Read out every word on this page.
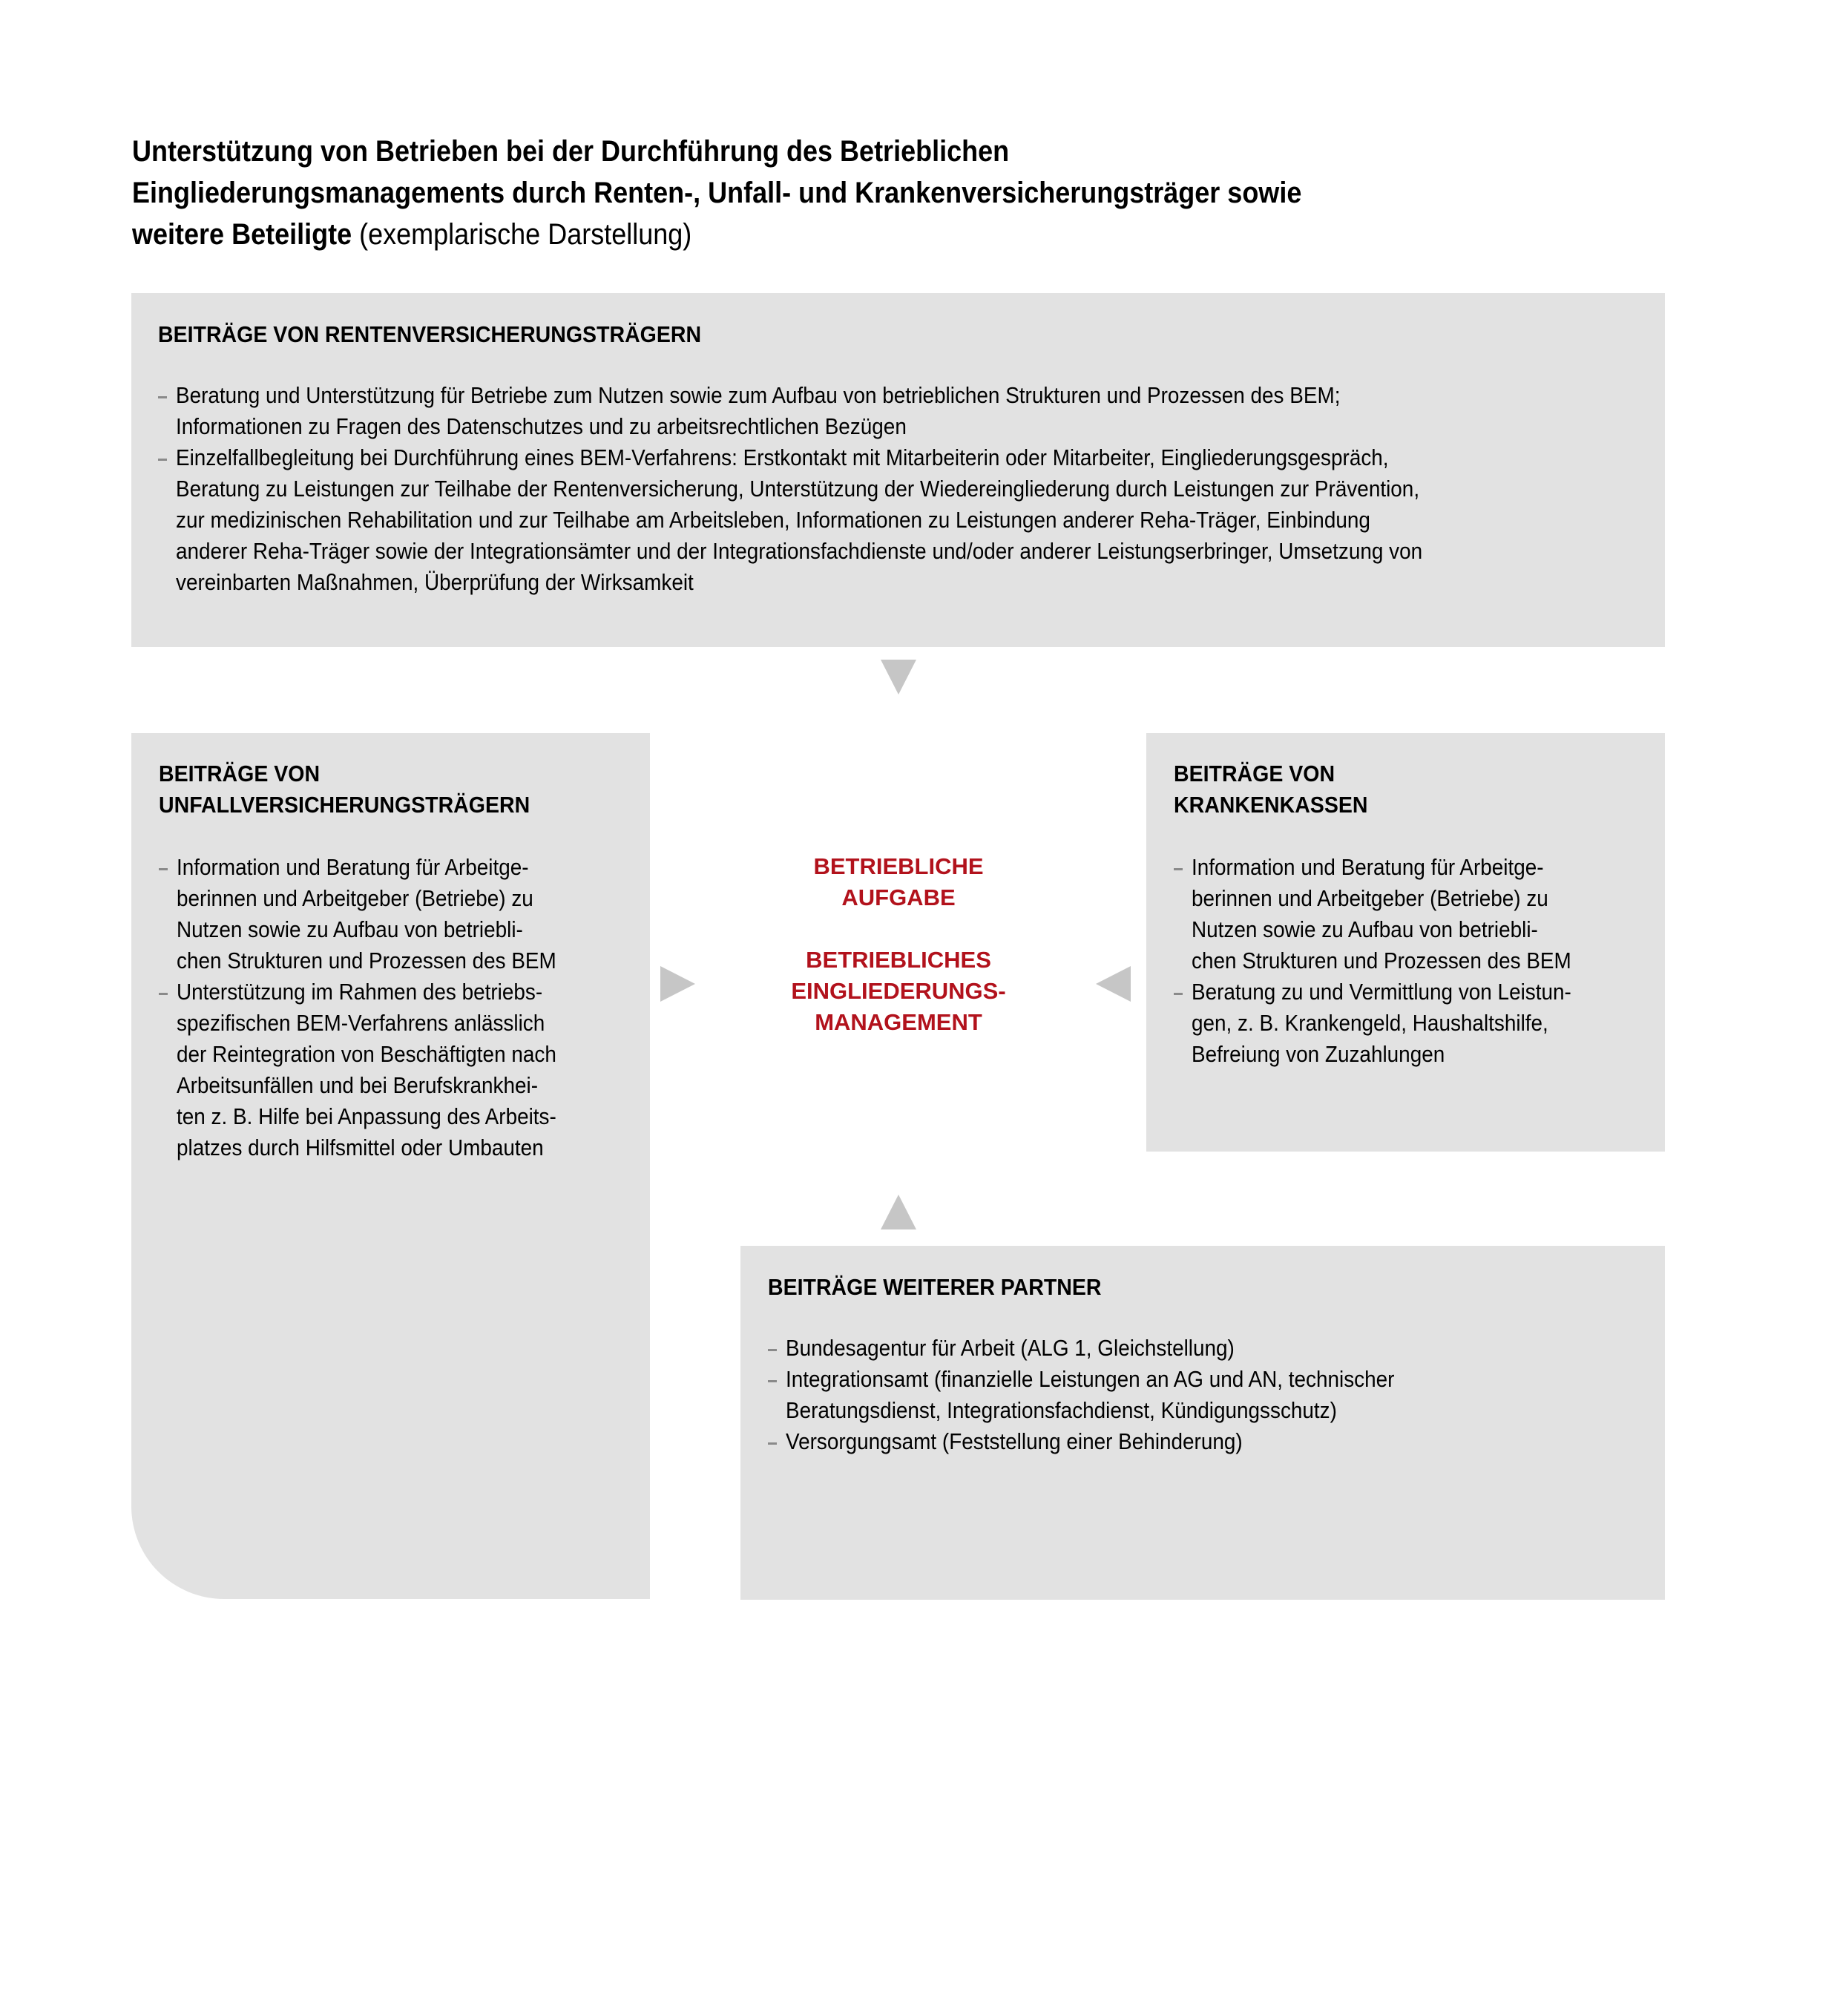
Unterstützung von Betrieben bei der Durchführung des Betrieblichen
Eingliederungsmanagements durch Renten-, Unfall- und Krankenversicherungsträger sowie
weitere Beteiligte (exemplarische Darstellung)
BEITRÄGE VON RENTENVERSICHERUNGSTRÄGERN
Beratung und Unterstützung für Betriebe zum Nutzen sowie zum Aufbau von betrieblichen Strukturen und Prozessen des BEM;
Informationen zu Fragen des Datenschutzes und zu arbeitsrechtlichen Bezügen
Einzelfallbegleitung bei Durchführung eines BEM-Verfahrens: Erstkontakt mit Mitarbeiterin oder Mitarbeiter, Eingliederungsgespräch,
Beratung zu Leistungen zur Teilhabe der Rentenversicherung, Unterstützung der Wiedereingliederung durch Leistungen zur Prävention,
zur medizinischen Rehabilitation und zur Teilhabe am Arbeitsleben, Informationen zu Leistungen anderer Reha-Träger, Einbindung
anderer Reha-Träger sowie der Integrationsämter und der Integrationsfachdienste und/oder anderer Leistungserbringer, Umsetzung von
vereinbarten Maßnahmen, Überprüfung der Wirksamkeit
BEITRÄGE VON
UNFALLVERSICHERUNGSTRÄGERN
Information und Beratung für Arbeitge-
berinnen und Arbeitgeber (Betriebe) zu
Nutzen sowie zu Aufbau von betriebli-
chen Strukturen und Prozessen des BEM
Unterstützung im Rahmen des betriebs-
spezifischen BEM-Verfahrens anlässlich
der Reintegration von Beschäftigten nach
Arbeitsunfällen und bei Berufskrankhei-
ten z. B. Hilfe bei Anpassung des Arbeits-
platzes durch Hilfsmittel oder Umbauten
BETRIEBLICHE
AUFGABE
BETRIEBLICHES
EINGLIEDERUNGS-
MANAGEMENT
BEITRÄGE VON
KRANKENKASSEN
Information und Beratung für Arbeitge-
berinnen und Arbeitgeber (Betriebe) zu
Nutzen sowie zu Aufbau von betriebli-
chen Strukturen und Prozessen des BEM
Beratung zu und Vermittlung von Leistun-
gen, z. B. Krankengeld, Haushaltshilfe,
Befreiung von Zuzahlungen
BEITRÄGE WEITERER PARTNER
Bundesagentur für Arbeit (ALG 1, Gleichstellung)
Integrationsamt (finanzielle Leistungen an AG und AN, technischer
Beratungsdienst, Integrationsfachdienst, Kündigungsschutz)
Versorgungsamt (Feststellung einer Behinderung)
